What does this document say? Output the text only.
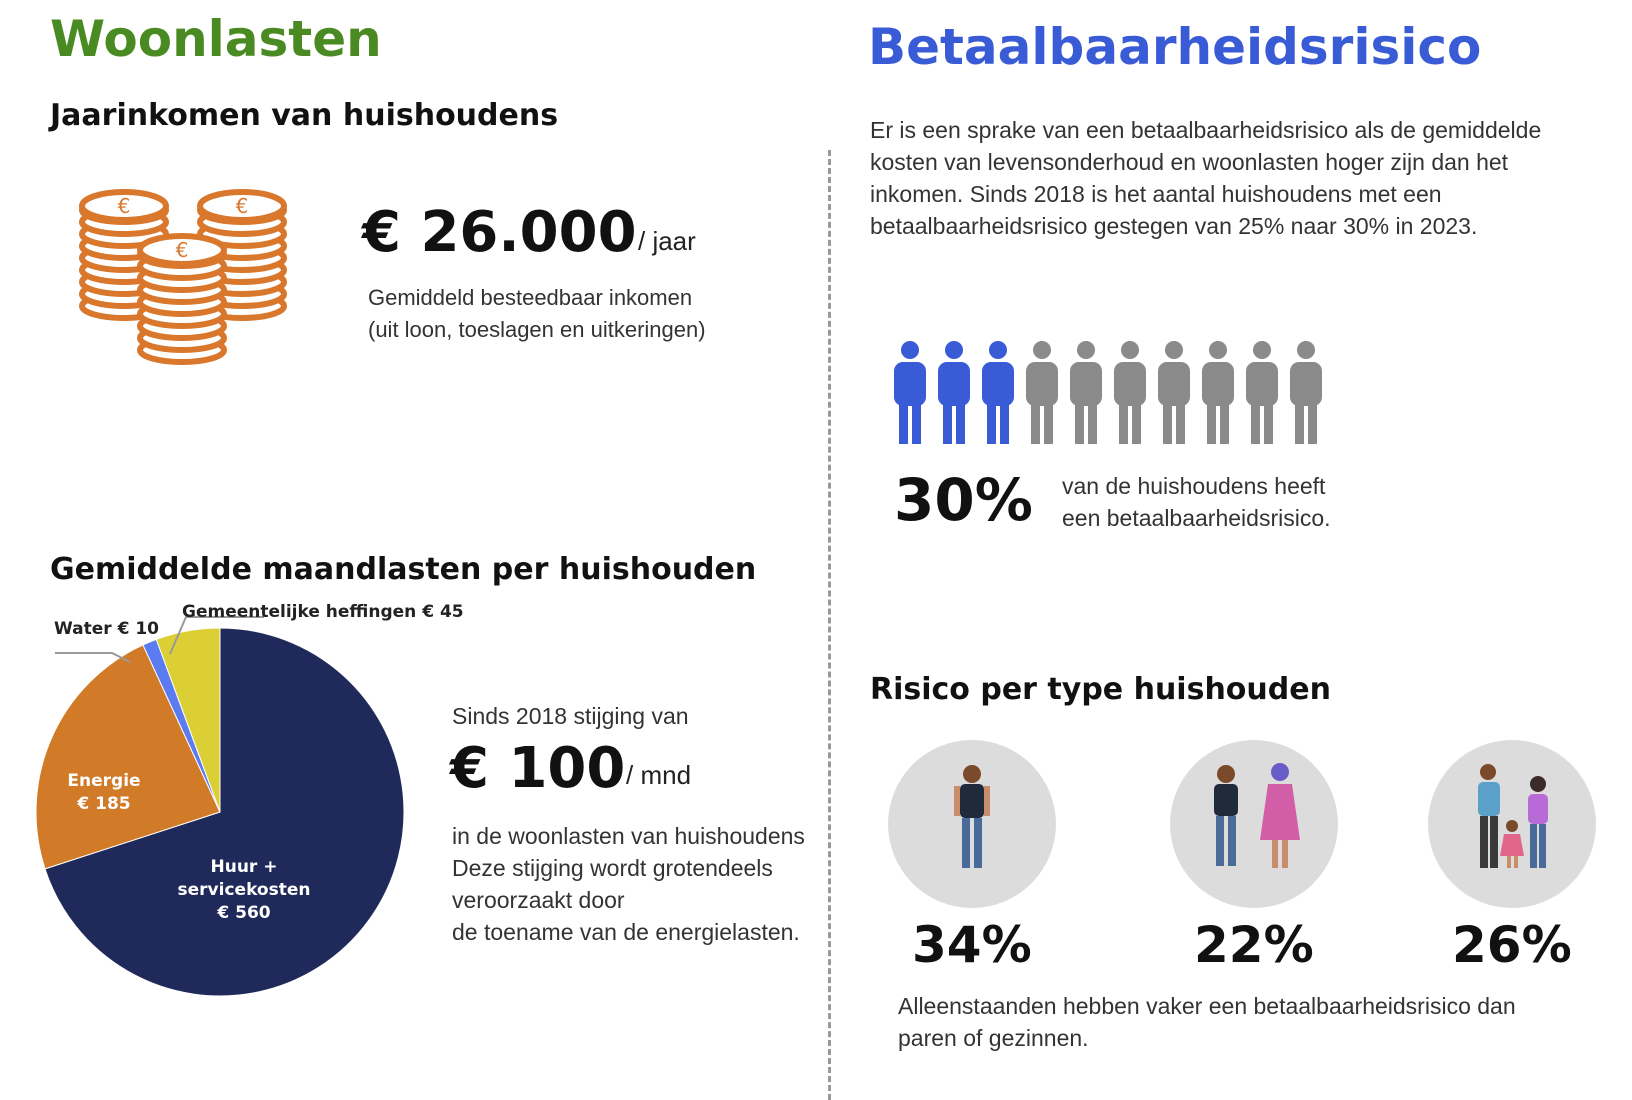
Woonlasten	Betaalbaarheidsrisico
Jaarinkomen van huishoudens
€	€
€	€ 26.000 / jaar
Gemiddeld besteedbaar inkomen
(uit loon, toeslagen en uitkeringen)
Gemiddelde maandlasten per huishouden
Huur +
servicekosten
€ 560
Energie
€ 185
Water € 10
Sinds 2018 stijging van
€ 100 / mnd
in de woonlasten van huishoudens
Deze stijging wordt grotendeels
veroorzaakt door
de toename van de energielasten.
Er is een sprake van een betaalbaarheidsrisico als de gemiddelde
kosten van levensonderhoud en woonlasten hoger zijn dan het
inkomen. Sinds 2018 is het aantal huishoudens met een
betaalbaarheidsrisico gestegen van 25% naar 30% in 2023.
30% van de huishoudens heeft
een betaalbaarheidsrisico.
Risico per type huishouden
34%	22%	26%
Alleenstaanden hebben vaker een betaalbaarheidsrisico dan
paren of gezinnen.
Gemeentelijke heffingen € 45
